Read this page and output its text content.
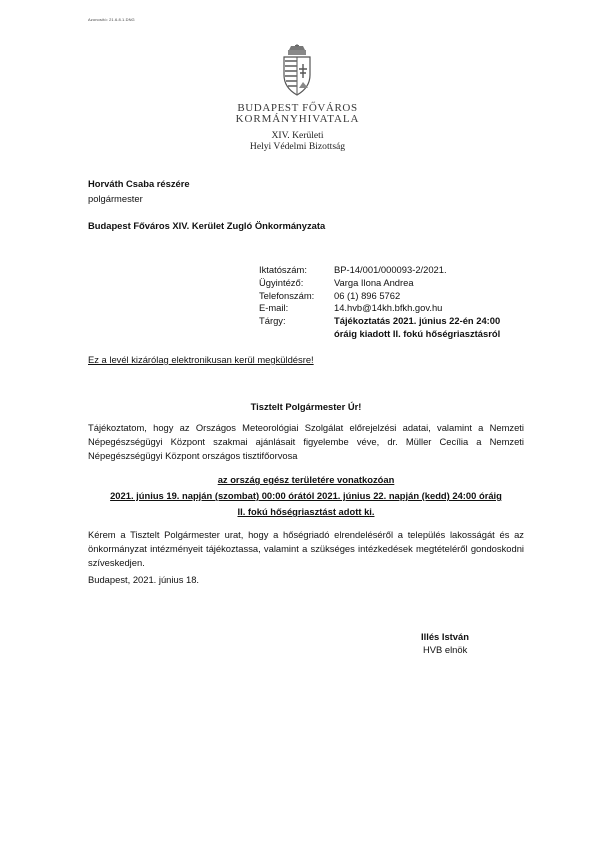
Azonosító: 21.6.8.1.DNG
BUDAPEST FŐVÁROS
KORMÁNYHIVATALA
XIV. Kerületi
Helyi Védelmi Bizottság
Horváth Csaba részére
polgármester
Budapest Főváros XIV. Kerület Zugló Önkormányzata
Iktatószám:	BP-14/001/000093-2/2021.
Ügyintéző:	Varga Ilona Andrea
Telefonszám: 06 (1) 896 5762
E-mail:	14.hvb@14kh.bfkh.gov.hu
Tárgy:	Tájékoztatás 2021. június 22-én 24:00
óráig kiadott II. fokú hőségriasztásról
Ez a levél kizárólag elektronikusan kerül megküldésre!
Tisztelt Polgármester Úr!
Tájékoztatom, hogy az Országos Meteorológiai Szolgálat előrejelzési adatai, valamint a Nemzeti Népegészségügyi Központ szakmai ajánlásait figyelembe véve, dr. Müller Cecília a Nemzeti Népegészségügyi Központ országos tisztifőorvosa
az ország egész területére vonatkozóan
2021. június 19. napján (szombat) 00:00 órától 2021. június 22. napján (kedd) 24:00 óráig
II. fokú hőségriasztást adott ki.
Kérem a Tisztelt Polgármester urat, hogy a hőségriadó elrendeléséről a település lakosságát és az önkormányzat intézményeit tájékoztassa, valamint a szükséges intézkedések megtételéről gondoskodni szíveskedjen.
Budapest, 2021. június 18.
Illés István
HVB elnök
